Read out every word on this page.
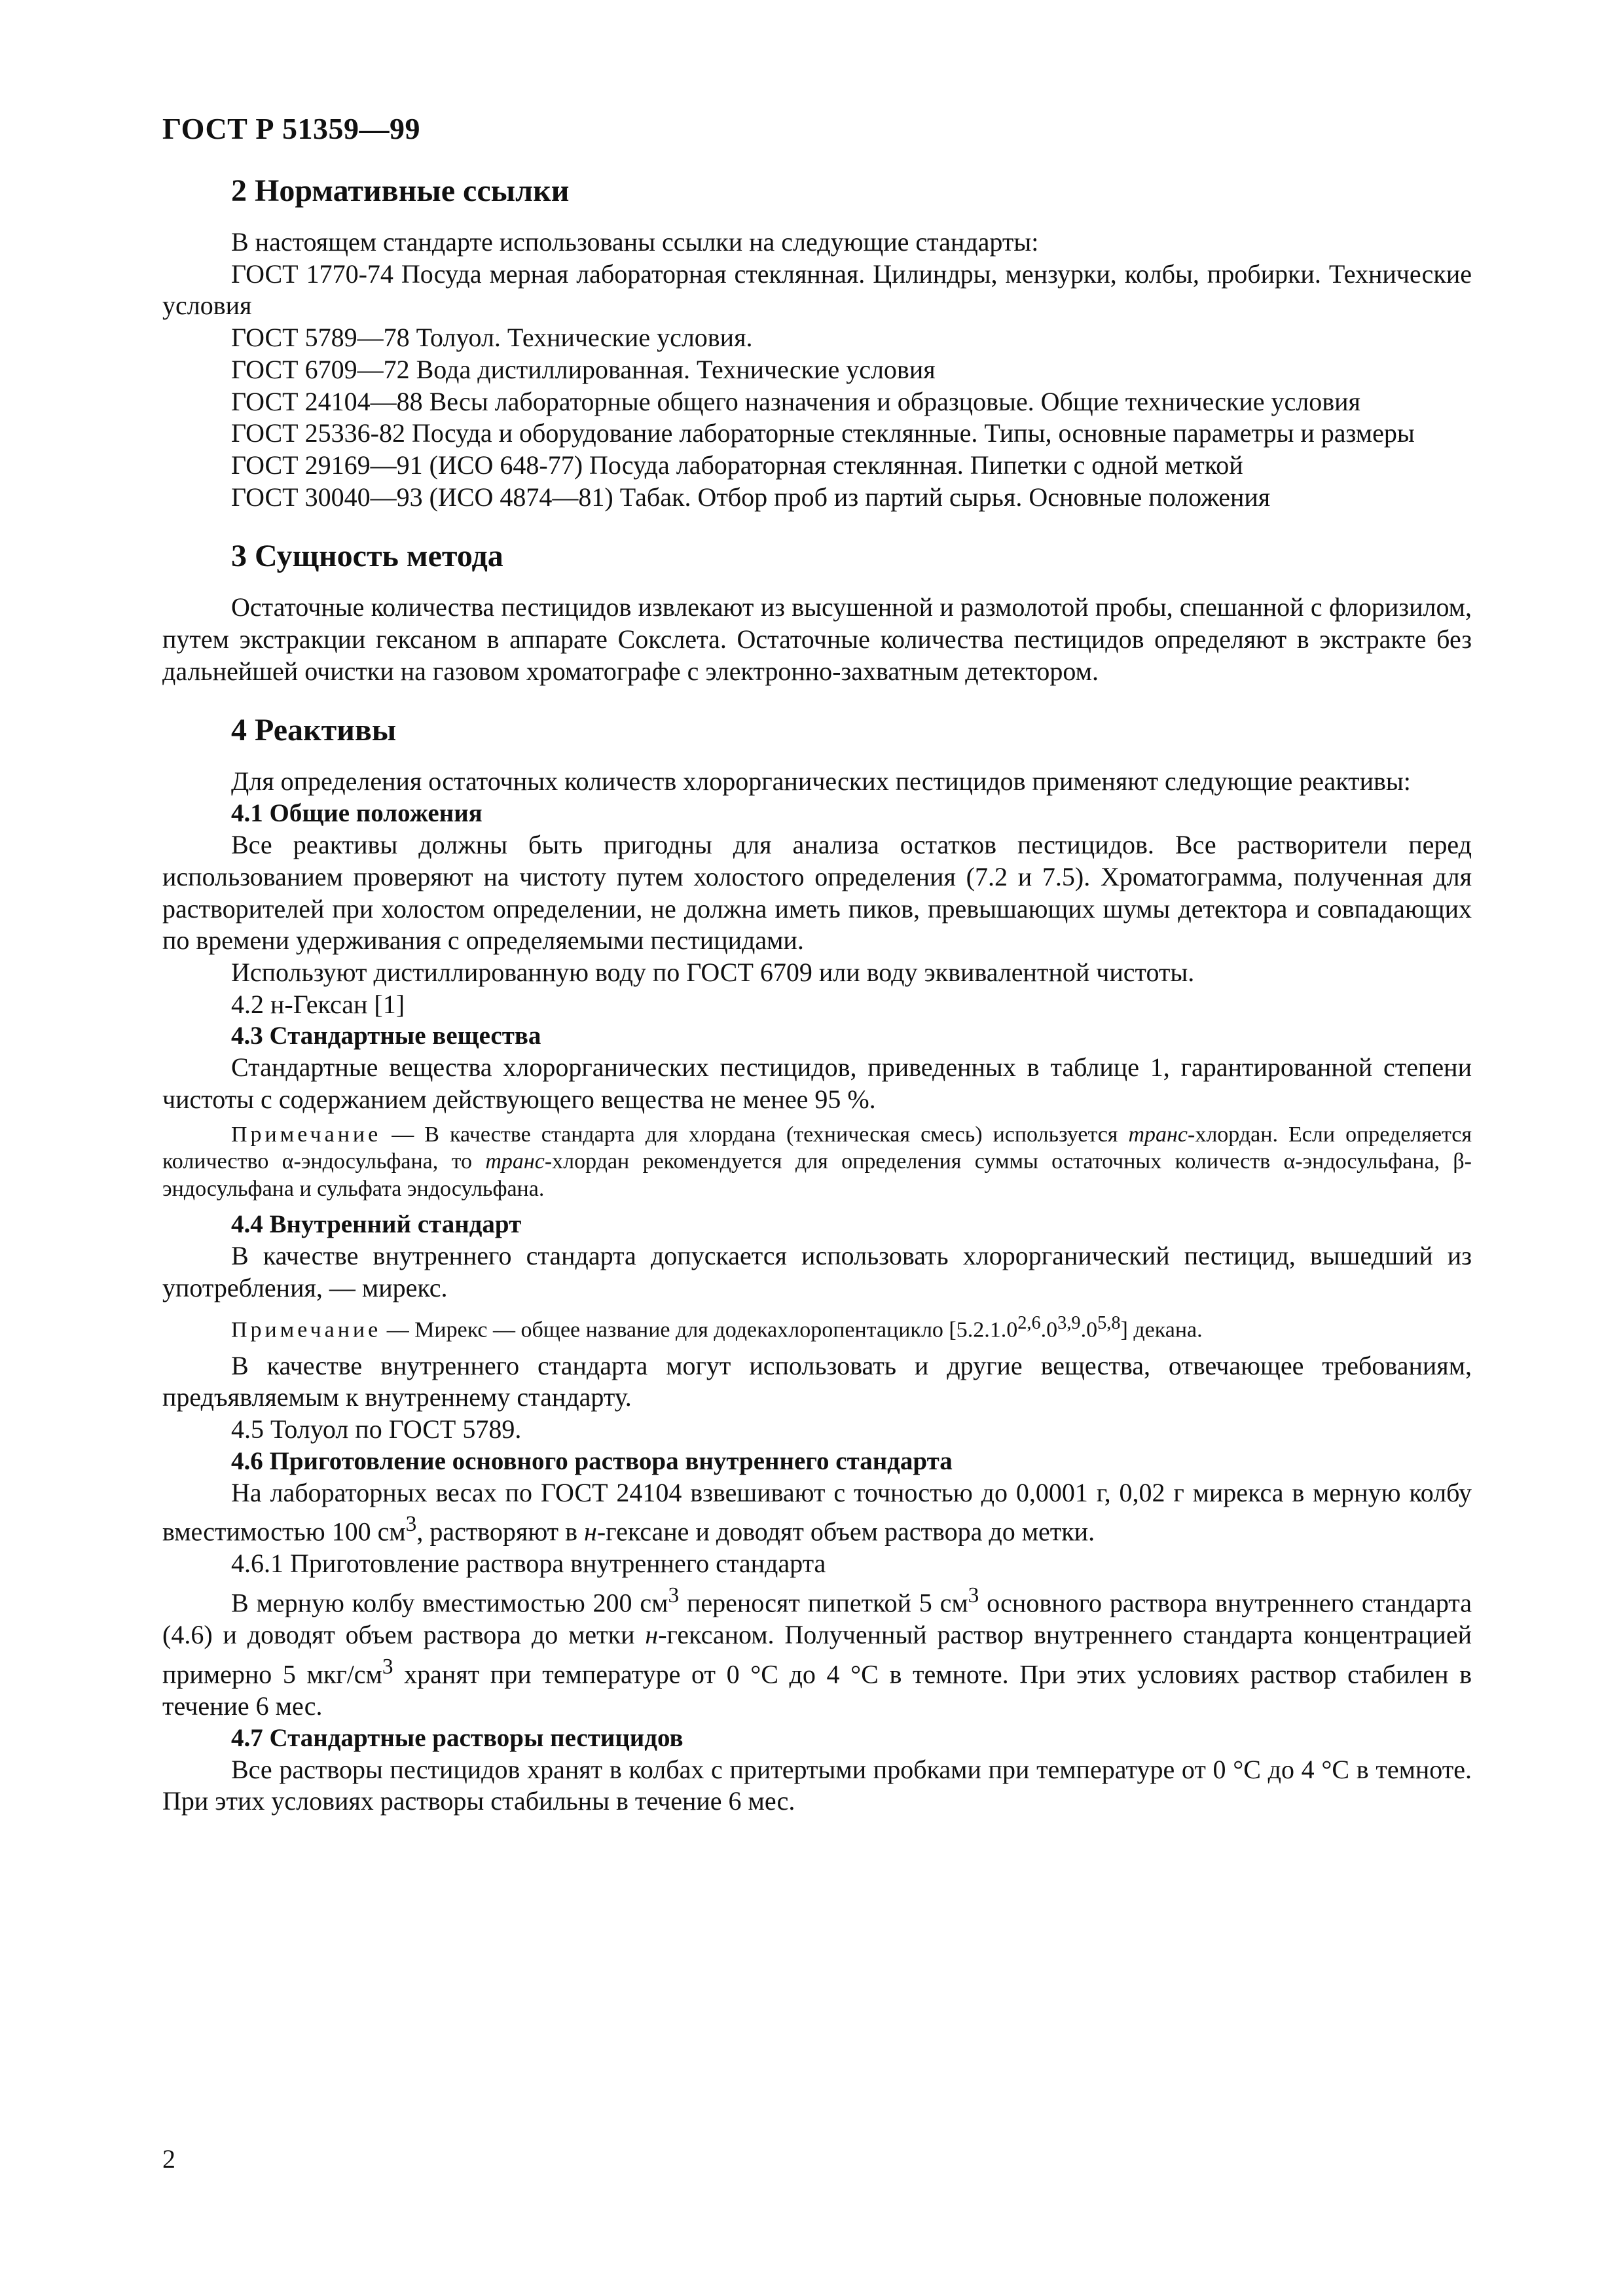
ГОСТ Р 51359—99

2 Нормативные ссылки

В настоящем стандарте использованы ссылки на следующие стандарты:

ГОСТ 1770-74 Посуда мерная лабораторная стеклянная. Цилиндры, мензурки, колбы, пробирки. Технические условия

ГОСТ 5789—78 Толуол. Технические условия.

ГОСТ 6709—72 Вода дистиллированная. Технические условия

ГОСТ 24104—88 Весы лабораторные общего назначения и образцовые. Общие технические условия

ГОСТ 25336-82 Посуда и оборудование лабораторные стеклянные. Типы, основные параметры и размеры

ГОСТ 29169—91 (ИСО 648-77) Посуда лабораторная стеклянная. Пипетки с одной меткой

ГОСТ 30040—93 (ИСО 4874—81) Табак. Отбор проб из партий сырья. Основные положения

3 Сущность метода

Остаточные количества пестицидов извлекают из высушенной и размолотой пробы, спешанной с флоризилом, путем экстракции гексаном в аппарате Сокслета. Остаточные количества пестицидов определяют в экстракте без дальнейшей очистки на газовом хроматографе с электронно-захватным детектором.

4 Реактивы

Для определения остаточных количеств хлорорганических пестицидов применяют следующие реактивы:

4.1 Общие положения

Все реактивы должны быть пригодны для анализа остатков пестицидов. Все растворители перед использованием проверяют на чистоту путем холостого определения (7.2 и 7.5). Хроматограмма, полученная для растворителей при холостом определении, не должна иметь пиков, превышающих шумы детектора и совпадающих по времени удерживания с определяемыми пестицидами.

Используют дистиллированную воду по ГОСТ 6709 или воду эквивалентной чистоты.

4.2 н-Гексан [1]

4.3 Стандартные вещества

Стандартные вещества хлорорганических пестицидов, приведенных в таблице 1, гарантированной степени чистоты с содержанием действующего вещества не менее 95 %.

Примечание — В качестве стандарта для хлордана (техническая смесь) используется транс-хлордан. Если определяется количество α-эндосульфана, то транс-хлордан рекомендуется для определения суммы остаточных количеств α-эндосульфана, β-эндосульфана и сульфата эндосульфана.

4.4 Внутренний стандарт

В качестве внутреннего стандарта допускается использовать хлорорганический пестицид, вышедший из употребления, — мирекс.

Примечание — Мирекс — общее название для додекахлоропентацикло [5.2.1.0$^{2,6}$.0$^{3,9}$.0$^{5,8}$] декана.

В качестве внутреннего стандарта могут использовать и другие вещества, отвечающее требованиям, предъявляемым к внутреннему стандарту.

4.5 Толуол по ГОСТ 5789.

4.6 Приготовление основного раствора внутреннего стандарта

На лабораторных весах по ГОСТ 24104 взвешивают с точностью до 0,0001 г, 0,02 г мирекса в мерную колбу вместимостью 100 $см^3$, растворяют в н-гексане и доводят объем раствора до метки.

4.6.1 Приготовление раствора внутреннего стандарта

В мерную колбу вместимостью 200 $см^3$ переносят пипеткой 5 $см^3$ основного раствора внутреннего стандарта (4.6) и доводят объем раствора до метки н-гексаном. Полученный раствор внутреннего стандарта концентрацией примерно 5 мкг/$см^3$ хранят при температуре от 0 °С до 4 °С в темноте. При этих условиях раствор стабилен в течение 6 мес.

4.7 Стандартные растворы пестицидов

Все растворы пестицидов хранят в колбах с притертыми пробками при температуре от 0 °С до 4 °С в темноте. При этих условиях растворы стабильны в течение 6 мес.

2
